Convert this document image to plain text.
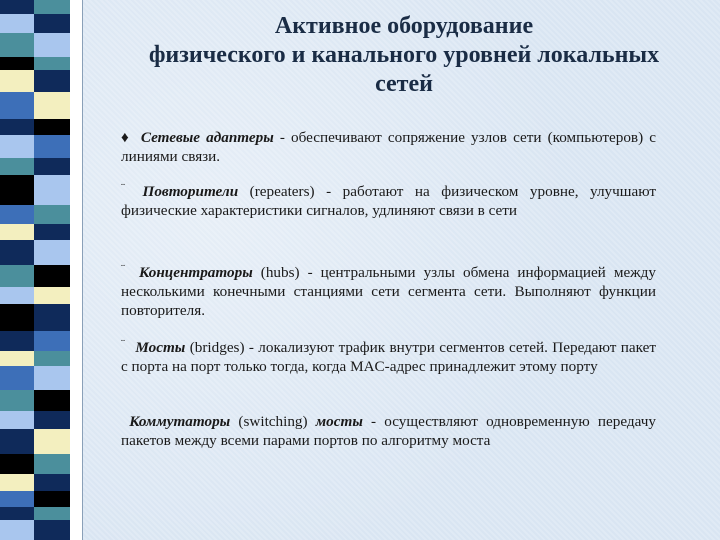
Активное оборудование
физического и канального уровней локальных
сетей

♦ Сетевые адаптеры - обеспечивают сопряжение узлов сети (компьютеров) с линиями связи.

¨ Повторители (repeaters) - работают на физическом уровне, улучшают физические характеристики сигналов, удлиняют связи в сети

¨ Концентраторы (hubs) - центральными узлы обмена информацией между несколькими конечными станциями сети сегмента сети. Выполняют функции повторителя.

¨ Мосты (bridges) - локализуют трафик внутри сегментов сетей. Передают пакет с порта на порт только тогда, когда MAC-адрес принадлежит этому порту

Коммутаторы (switching) мосты - осуществляют одновременную передачу пакетов между всеми парами портов по алгоритму моста
